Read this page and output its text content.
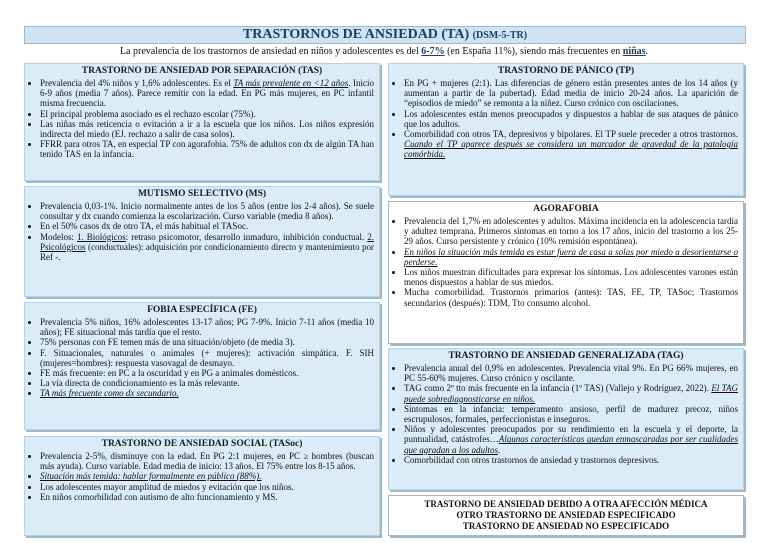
TRASTORNOS DE ANSIEDAD (TA) (DSM-5-TR)
La prevalencia de los trastornos de ansiedad en niños y adolescentes es del 6-7% (en España 11%), siendo más frecuentes en niñas.
TRASTORNO DE ANSIEDAD POR SEPARACIÓN (TAS)
• Prevalencia del 4% niños y 1,6% adolescentes. Es el TA más prevalente en <12 años. Inicio 6-9 años (media 7 años). Parece remitir con la edad. En PG más mujeres, en PC infantil misma frecuencia.
• El principal problema asociado es el rechazo escolar (75%).
• Las niñas más reticencia o evitación a ir a la escuela que los niños. Los niños expresión indirecta del miedo (EJ. rechazo a salir de casa solos).
• FFRR para otros TA, en especial TP con agorafobia. 75% de adultos con dx de algún TA han tenido TAS en la infancia.
MUTISMO SELECTIVO (MS)
• Prevalencia 0,03-1%. Inicio normalmente antes de los 5 años (entre los 2-4 años). Se suele consultar y dx cuando comienza la escolarización. Curso variable (media 8 años).
• En el 50% casos dx de otro TA, el más habitual el TASoc.
• Modelos: 1. Biológicos: retraso psicomotor, desarrollo inmaduro, inhibición conductual. 2. Psicológicos (conductuales): adquisición por condicionamiento directo y mantenimiento por Ref -.
FOBIA ESPECÍFICA (FE)
• Prevalencia 5% niños, 16% adolescentes 13-17 años; PG 7-9%. Inicio 7-11 años (media 10 años); FE situacional más tardía que el resto.
• 75% personas con FE temen más de una situación/objeto (de media 3).
• F. Situacionales, naturales o animales (+ mujeres): activación simpática. F. SIH (mujeres=hombres): respuesta vasovagal de desmayo.
• FE más frecuente: en PC a la oscuridad y en PG a animales domésticos.
• La vía directa de condicionamiento es la más relevante.
• TA más frecuente como dx secundario.
TRASTORNO DE ANSIEDAD SOCIAL (TASoc)
• Prevalencia 2-5%, disminuye con la edad. En PG 2:1 mujeres, en PC ≥ hombres (buscan más ayuda). Curso variable. Edad media de inicio: 13 años. El 75% entre los 8-15 años.
• Situación más temida: hablar formalmente en público (88%).
• Los adolescentes mayor amplitud de miedos y evitación que los niños.
• En niños comorbilidad con autismo de alto funcionamiento y MS.
TRASTORNO DE PÁNICO (TP)
• En PG + mujeres (2:1). Las diferencias de género están presentes antes de los 14 años (y aumentan a partir de la pubertad). Edad media de inicio 20-24 años. La aparición de “episodios de miedo” se remonta a la niñez. Curso crónico con oscilaciones.
• Los adolescentes están menos preocupados y dispuestos a hablar de sus ataques de pánico que los adultos.
• Comorbilidad con otros TA, depresivos y bipolares. El TP suele preceder a otros trastornos. Cuando el TP aparece después se considera un marcador de gravedad de la patología comórbida.
AGORAFOBIA
• Prevalencia del 1,7% en adolescentes y adultos. Máxima incidencia en la adolescencia tardía y adultez temprana. Primeros síntomas en torno a los 17 años, inicio del trastorno a los 25-29 años. Curso persistente y crónico (10% remisión espontánea).
• En niños la situación más temida es estar fuera de casa a solas por miedo a desorientarse o perderse.
• Los niños muestran dificultades para expresar los síntomas. Los adolescentes varones están menos dispuestos a hablar de sus miedos.
• Mucha comorbilidad. Trastornos primarios (antes): TAS, FE, TP, TASoc; Trastornos secundarios (después): TDM, Tto consumo alcohol.
TRASTORNO DE ANSIEDAD GENERALIZADA (TAG)
• Prevalencia anual del 0,9% en adolescentes. Prevalencia vital 9%. En PG 66% mujeres, en PC 55-60% mujeres. Curso crónico y oscilante.
• TAG como 2º tto más frecuente en la infancia (1º TAS) (Vallejo y Rodríguez, 2022). El TAG puede sobrediagnosticarse en niños.
• Síntomas en la infancia: temperamento ansioso, perfil de madurez precoz, niños escrupulosos, formales, perfeccionistas e inseguros.
• Niños y adolescentes preocupados por su rendimiento en la escuela y el deporte, la puntualidad, catástrofes…Algunas características quedan enmascaradas por ser cualidades que agradan a los adultos.
• Comorbilidad con otros trastornos de ansiedad y trastornos depresivos.
TRASTORNO DE ANSIEDAD DEBIDO A OTRA AFECCIÓN MÉDICA
OTRO TRASTORNO DE ANSIEDAD ESPECIFICADO
TRASTORNO DE ANSIEDAD NO ESPECIFICADO
